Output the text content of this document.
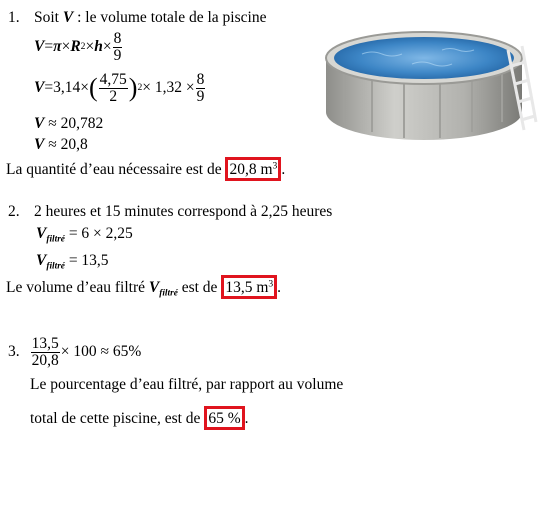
1. Soit V : le volume totale de la piscine
V = π × R $2 \times h \times \frac{8}{9}$
V = 3,14 × ( $\frac{4,75}{2}$ ) $2 \times 1,32 \times \frac{8}{9}$
V ≈ 20,782
V ≈ 20,8
La quantité d’eau nécessaire est de 20,8 $m^3$ .
2. 2 heures et 15 minutes correspond à 2,25 heures
$V_{filtré} = 6 \times 2,25$
$V_{filtré} = 13,5$
Le volume d’eau filtré $V_{filtré}$ est de 13,5 $m^3$ .
3. $\frac{13,5}{20,8} \times 100 \approx 65\%$
Le pourcentage d’eau filtré, par rapport au volume
total de cette piscine, est de 65 % .
